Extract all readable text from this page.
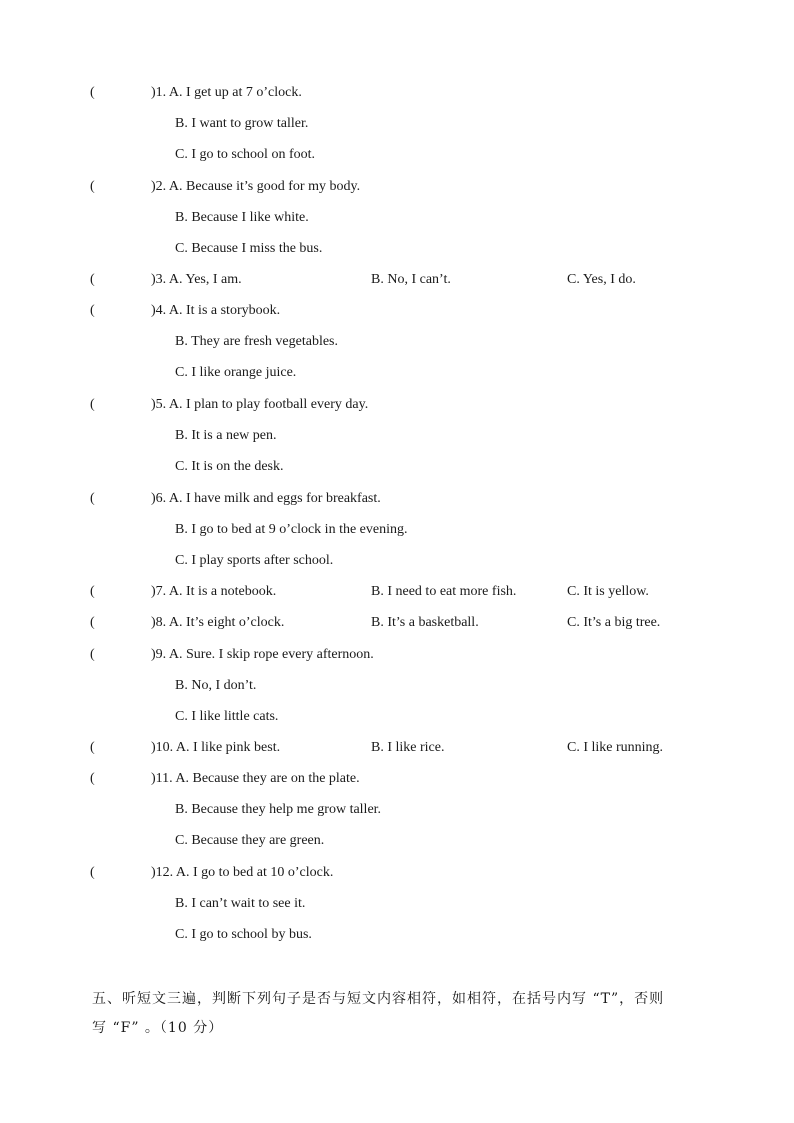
(	)1. A. I get up at 7 o’clock.
B. I want to grow taller.
C. I go to school on foot.
(	)2. A. Because it’s good for my body.
B. Because I like white.
C. Because I miss the bus.
(	)3. A. Yes, I am.	B. No, I can’t.	C. Yes, I do.
(	)4. A. It is a storybook.
B. They are fresh vegetables.
C. I like orange juice.
(	)5. A. I plan to play football every day.
B. It is a new pen.
C. It is on the desk.
(	)6. A. I have milk and eggs for breakfast.
B. I go to bed at 9 o’clock in the evening.
C. I play sports after school.
(	)7. A. It is a notebook.	B. I need to eat more fish.	C. It is yellow.
(	)8. A. It’s eight o’clock.	B. It’s a basketball.	C. It’s a big tree.
(	)9. A. Sure. I skip rope every afternoon.
B. No, I don’t.
C. I like little cats.
(	)10. A. I like pink best.	B. I like rice.	C. I like running.
(	)11. A. Because they are on the plate.
B. Because they help me grow taller.
C. Because they are green.
(	)12. A. I go to bed at 10 o’clock.
B. I can’t wait to see it.
C. I go to school by bus.
五、听短文三遍，判断下列句子是否与短文内容相符，如相符，在括号内写 “T”，否则
写 “F” 。（10 分）
